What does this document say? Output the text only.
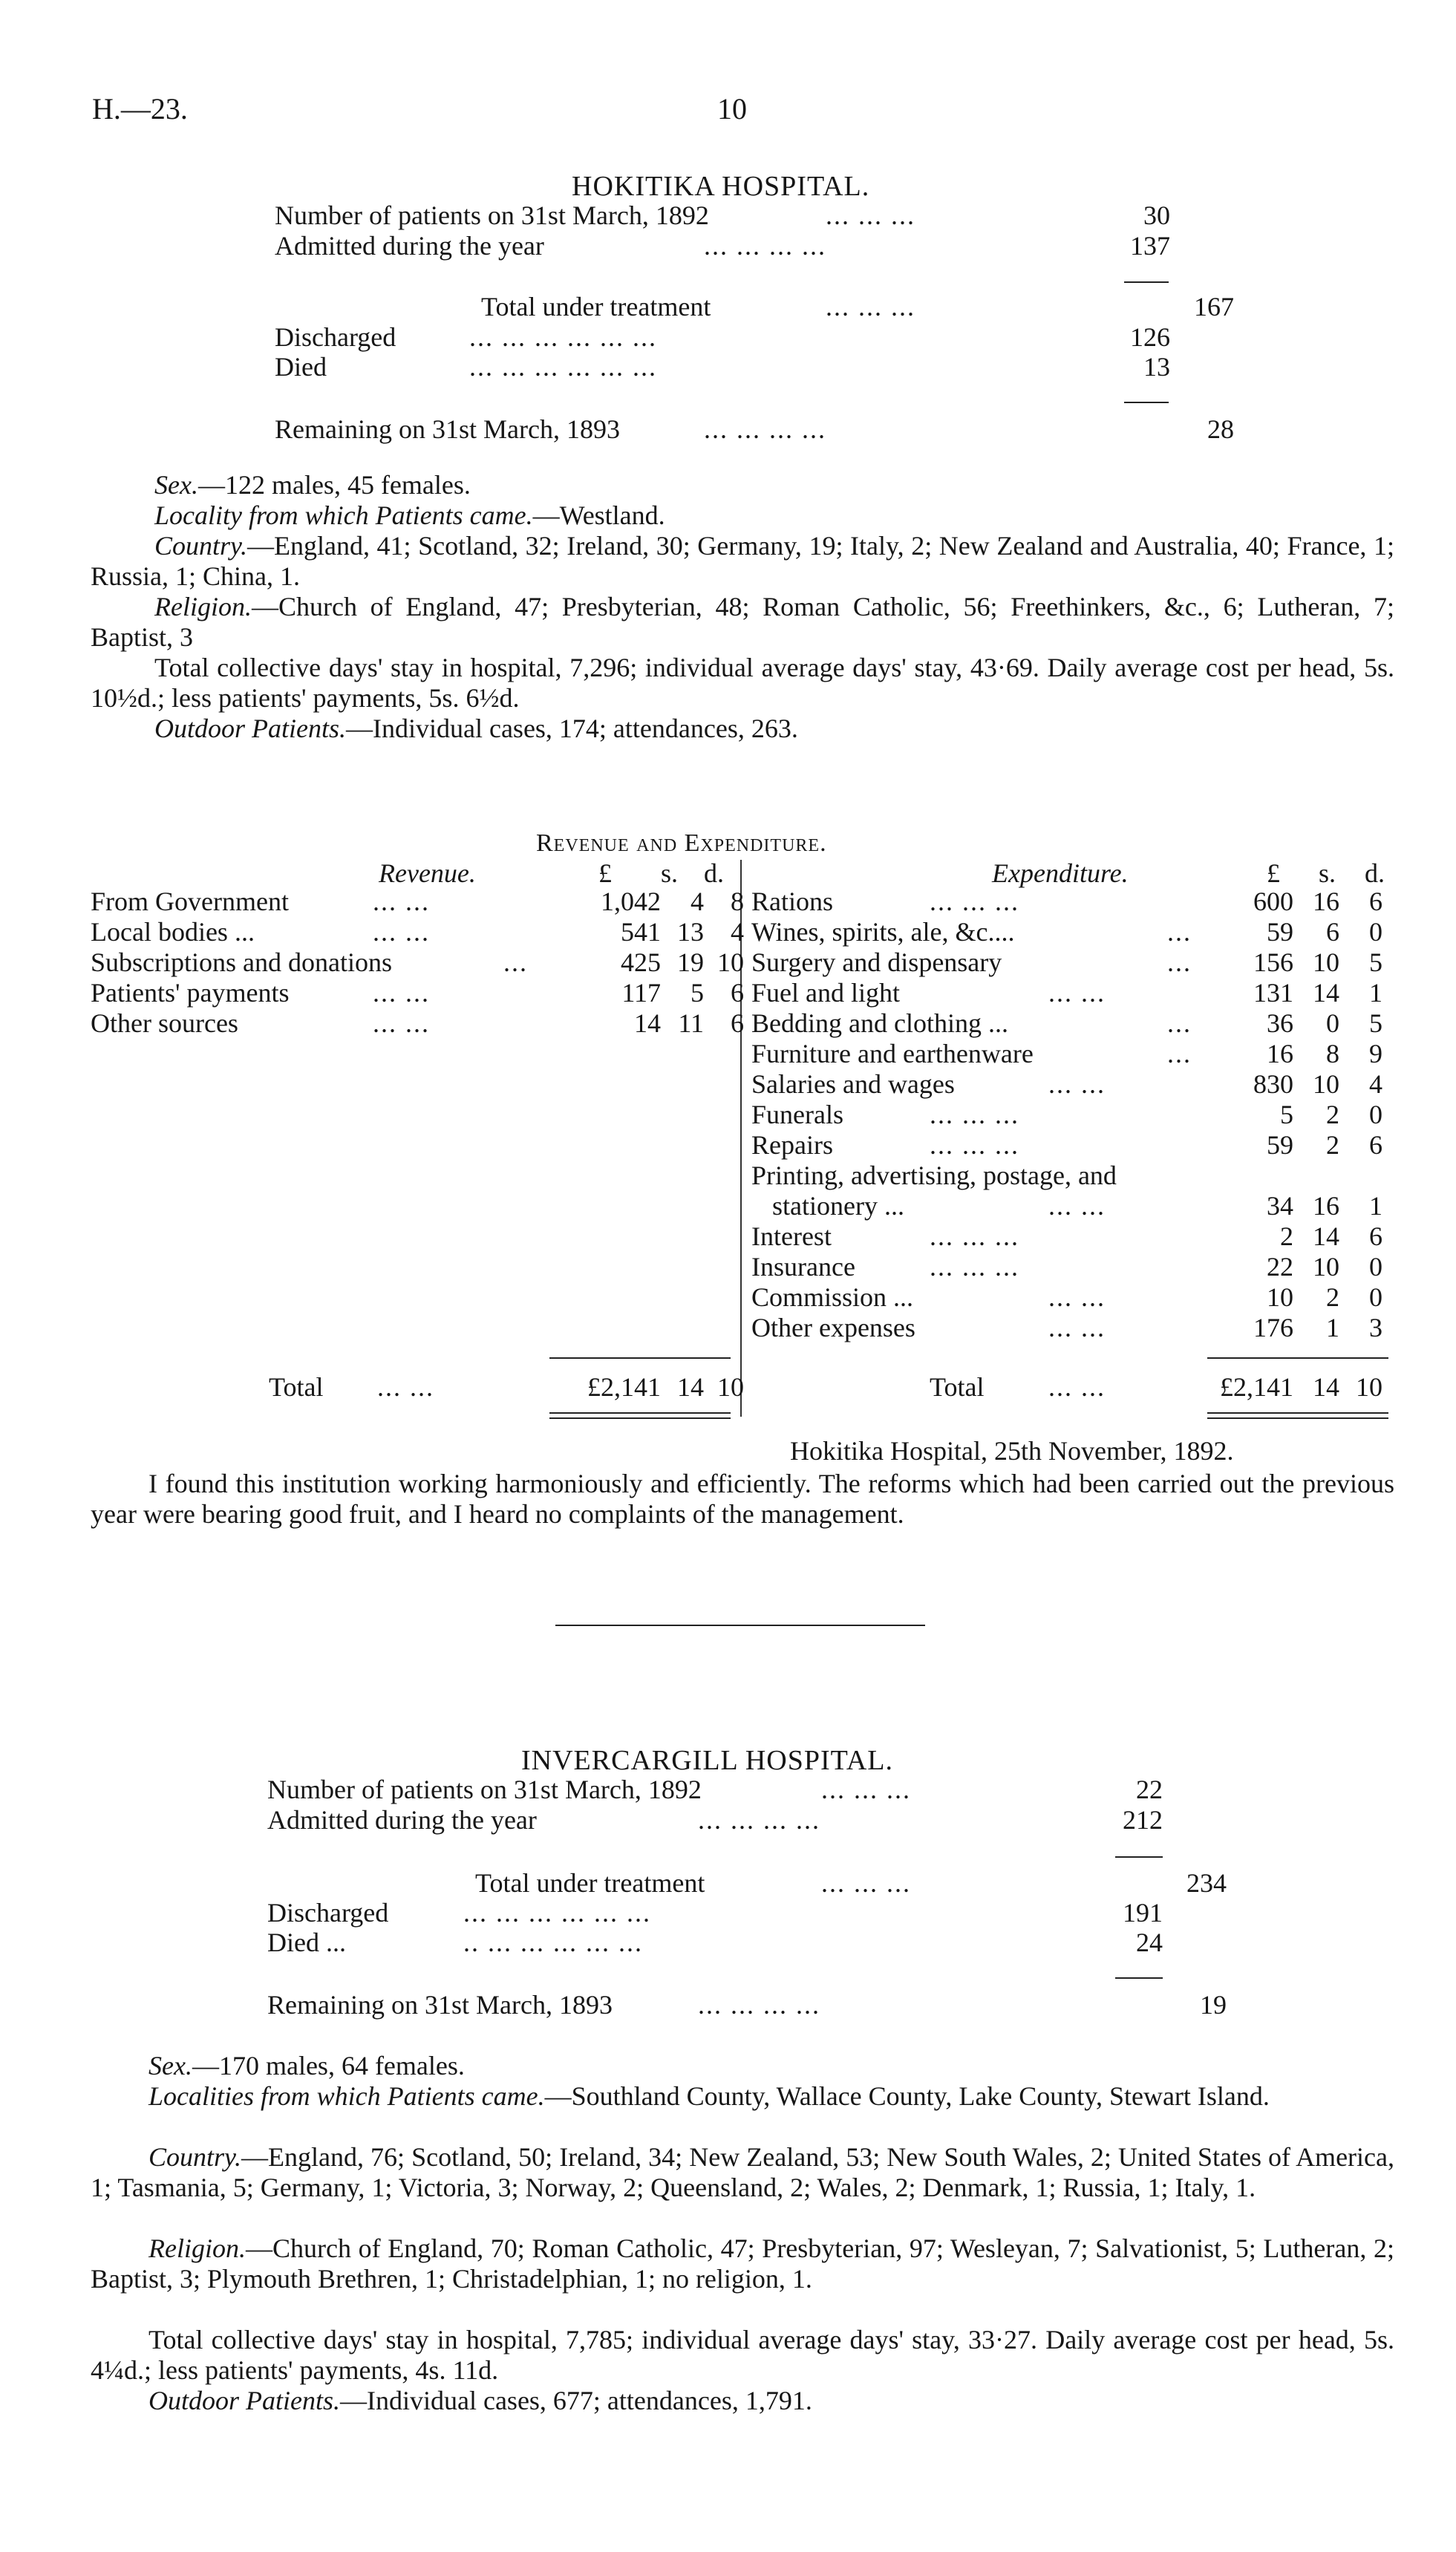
H.—23.	10
HOKITIKA HOSPITAL.
Number of patients on 31st March, 1892	... ... ...	30
Admitted during the year	... ... ... ...	137
Total under treatment	... ... ...	167
Discharged	... ... ... ... ... ...	126
Died	... ... ... ... ... ...	13
Remaining on 31st March, 1893	... ... ... ...	28
Sex.—122 males, 45 females.
Locality from which Patients came.—Westland.
Country.—England, 41; Scotland, 32; Ireland, 30; Germany, 19; Italy, 2; New Zealand and Australia, 40; France, 1; Russia, 1; China, 1.
Religion.—Church of England, 47; Presbyterian, 48; Roman Catholic, 56; Freethinkers, &c., 6; Lutheran, 7; Baptist, 3
Total collective days' stay in hospital, 7,296; individual average days' stay, 43·69. Daily average cost per head, 5s. 10½d.; less patients' payments, 5s. 6½d.
Outdoor Patients.—Individual cases, 174; attendances, 263.
Revenue and Expenditure.
Revenue.	£ s. d.	Expenditure.	£ s. d.
From Government	... ...	1,042	4	8
Local bodies ...	... ...	541 13	4
Subscriptions and donations	...	425 19 10
Patients' payments	... ...	117	5	6
Other sources	... ...	14 11	6
Rations	... ... ...	600 16	6
Wines, spirits, ale, &c....	...	59	6	0
Surgery and dispensary	...	156 10	5
Fuel and light	... ...	131 14	1
Bedding and clothing ...	...	36	0	5
Furniture and earthenware	...	16	8	9
Salaries and wages	... ...	830 10	4
Funerals	... ... ...	5	2	0
Repairs	... ... ...	59	2	6
Printing, advertising, postage, and
stationery ...	... ...	34 16	1
Interest	... ... ...	2 14	6
Insurance	... ... ...	22 10	0
Commission ...	... ...	10	2	0
Other expenses	... ...	176	1	3
Total ... ...	£2,141 14 10	Total ... ...	£2,141 14 10
Hokitika Hospital, 25th November, 1892.
I found this institution working harmoniously and efficiently. The reforms which had been carried out the previous year were bearing good fruit, and I heard no complaints of the management.
INVERCARGILL HOSPITAL.
Number of patients on 31st March, 1892	... ... ...	22
Admitted during the year	... ... ... ...	212
Total under treatment	... ... ...	234
Discharged	... ... ... ... ... ...	191
Died ...	.. ... ... ... ... ...	24
Remaining on 31st March, 1893	... ... ... ...	19
Sex.—170 males, 64 females.
Localities from which Patients came.—Southland County, Wallace County, Lake County, Stewart Island.
Country.—England, 76; Scotland, 50; Ireland, 34; New Zealand, 53; New South Wales, 2; United States of America, 1; Tasmania, 5; Germany, 1; Victoria, 3; Norway, 2; Queensland, 2; Wales, 2; Denmark, 1; Russia, 1; Italy, 1.
Religion.—Church of England, 70; Roman Catholic, 47; Presbyterian, 97; Wesleyan, 7; Salvationist, 5; Lutheran, 2; Baptist, 3; Plymouth Brethren, 1; Christadelphian, 1; no religion, 1.
Total collective days' stay in hospital, 7,785; individual average days' stay, 33·27. Daily average cost per head, 5s. 4¼d.; less patients' payments, 4s. 11d.
Outdoor Patients.—Individual cases, 677; attendances, 1,791.
